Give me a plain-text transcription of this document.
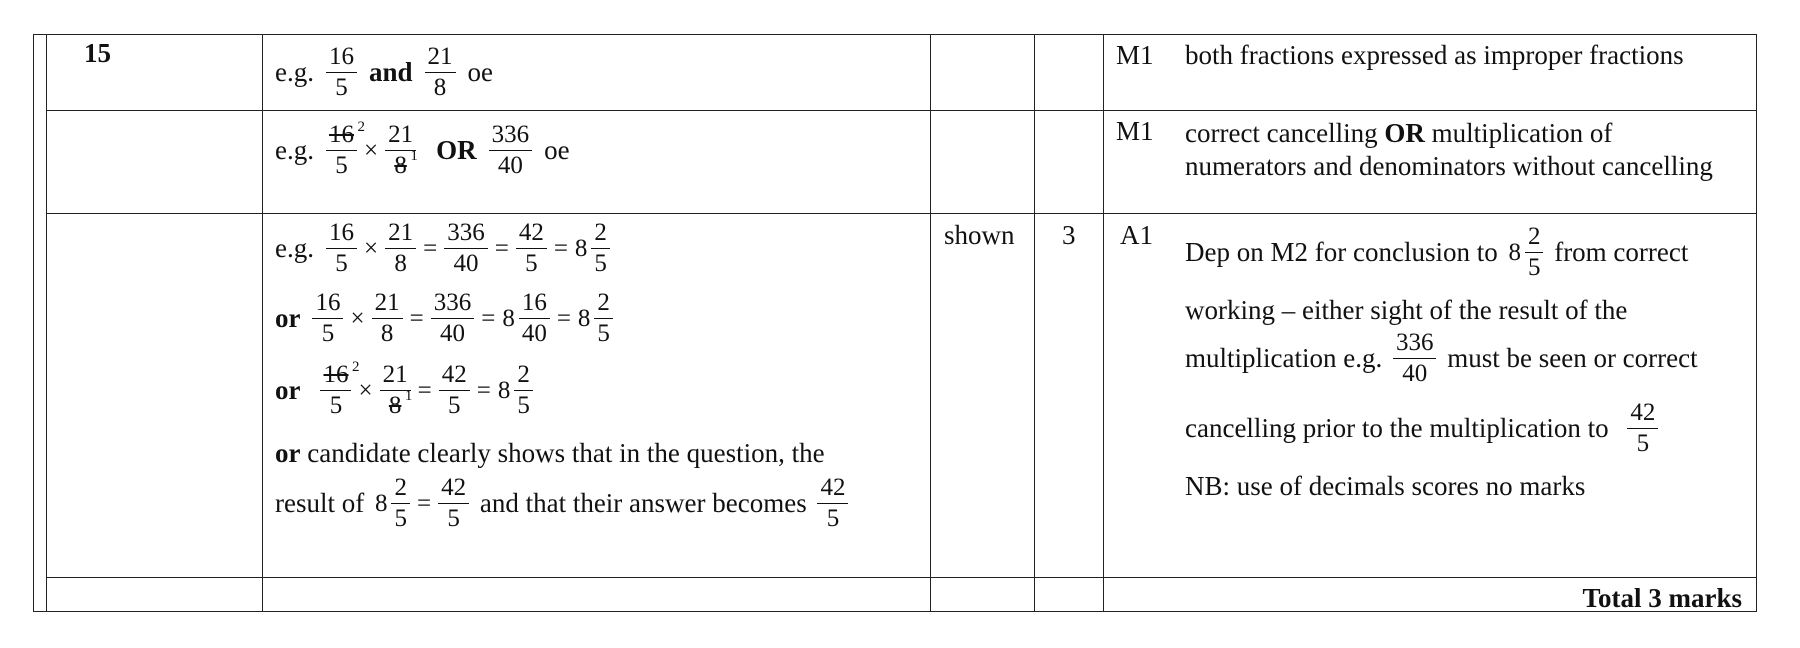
15
e.g. $\frac{16}{5}$ and $\frac{21}{8}$ oe
M1 both fractions expressed as improper fractions
e.g. $\frac{16 2}{5} \times \frac{21}{8 1}$ OR $\frac{336}{40}$ oe
M1 correct cancelling OR multiplication of numerators and denominators without cancelling
e.g. $\frac{16}{5} \times \frac{21}{8} = \frac{336}{40} = \frac{42}{5} = 8 \frac{2}{5}$
or $\frac{16}{5} \times \frac{21}{8} = \frac{336}{40} = 8 \frac{16}{40} = 8 \frac{2}{5}$
or $\frac{16 2}{5} \times \frac{21}{8 1} = \frac{42}{5} = 8 \frac{2}{5}$
or candidate clearly shows that in the question, the
result of $8 \frac{2}{5} = \frac{42}{5}$ and that their answer becomes $\frac{42}{5}$
shown 3 A1
Dep on M2 for conclusion to $8 \frac{2}{5}$ from correct
working – either sight of the result of the
multiplication e.g. $\frac{336}{40}$ must be seen or correct
cancelling prior to the multiplication to $\frac{42}{5}$
NB: use of decimals scores no marks
Total 3 marks
